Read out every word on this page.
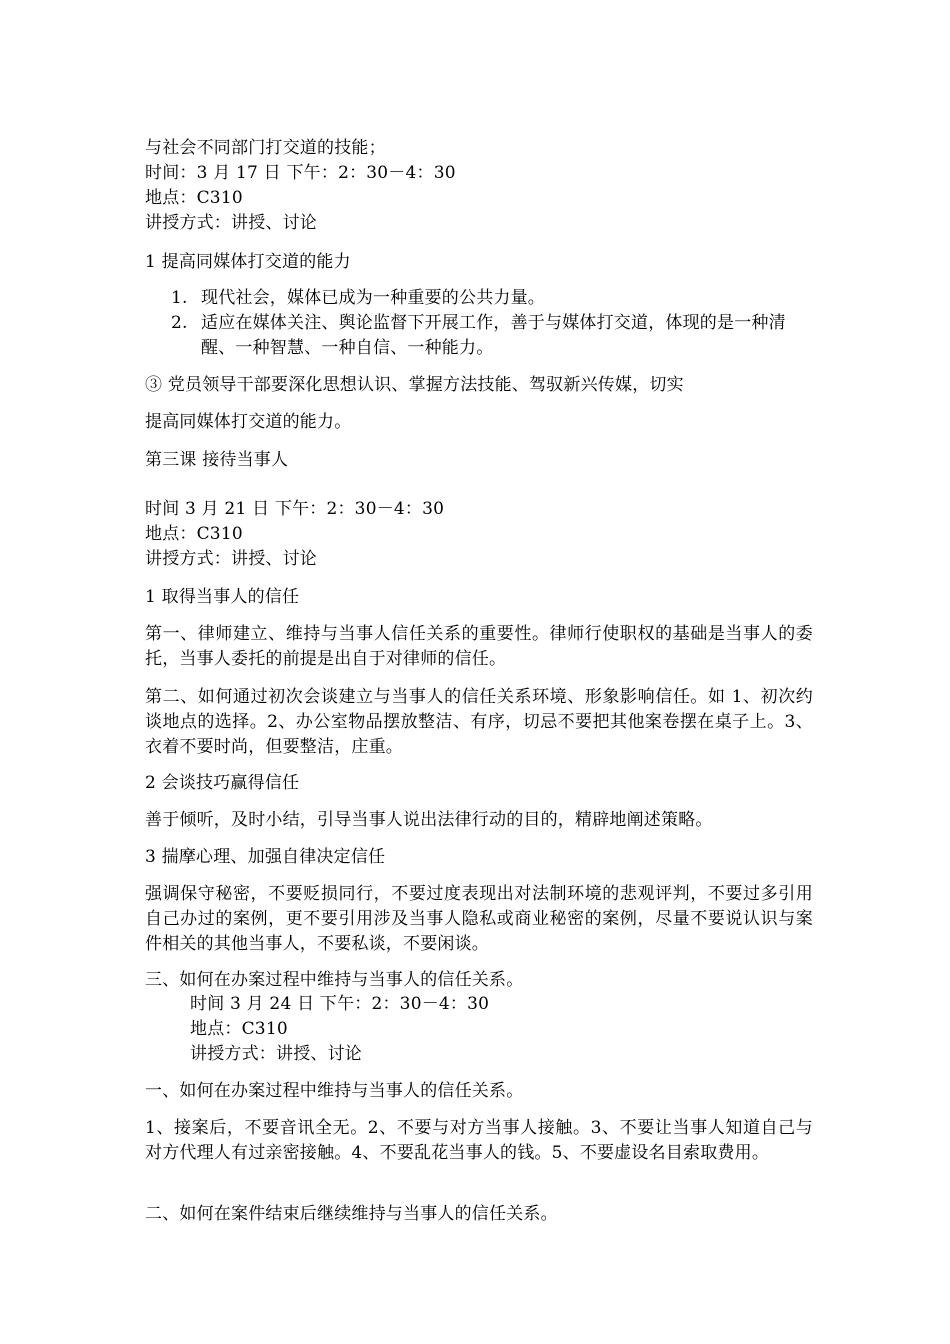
与社会不同部门打交道的技能；
时间：3 月 17 日 下午：2：30－4：30
地点：C310
讲授方式：讲授、讨论
1 提高同媒体打交道的能力
1. 现代社会，媒体已成为一种重要的公共力量。
2. 适应在媒体关注、舆论监督下开展工作，善于与媒体打交道，体现的是一种清醒、一种智慧、一种自信、一种能力。
③ 党员领导干部要深化思想认识、掌握方法技能、驾驭新兴传媒，切实
提高同媒体打交道的能力。
第三课 接待当事人
时间 3 月 21 日 下午：2：30－4：30
地点：C310
讲授方式：讲授、讨论
1 取得当事人的信任
第一、律师建立、维持与当事人信任关系的重要性。律师行使职权的基础是当事人的委托，当事人委托的前提是出自于对律师的信任。
第二、如何通过初次会谈建立与当事人的信任关系环境、形象影响信任。如 1、初次约谈地点的选择。2、办公室物品摆放整洁、有序，切忌不要把其他案卷摆在桌子上。3、衣着不要时尚，但要整洁，庄重。
2 会谈技巧赢得信任
善于倾听，及时小结，引导当事人说出法律行动的目的，精辟地阐述策略。
3 揣摩心理、加强自律决定信任
强调保守秘密，不要贬损同行，不要过度表现出对法制环境的悲观评判，不要过多引用自己办过的案例，更不要引用涉及当事人隐私或商业秘密的案例，尽量不要说认识与案件相关的其他当事人，不要私谈，不要闲谈。
三、如何在办案过程中维持与当事人的信任关系。
时间 3 月 24 日 下午：2：30－4：30
地点：C310
讲授方式：讲授、讨论
一、如何在办案过程中维持与当事人的信任关系。
1、接案后，不要音讯全无。2、不要与对方当事人接触。3、不要让当事人知道自己与对方代理人有过亲密接触。4、不要乱花当事人的钱。5、不要虚设名目索取费用。
二、如何在案件结束后继续维持与当事人的信任关系。
